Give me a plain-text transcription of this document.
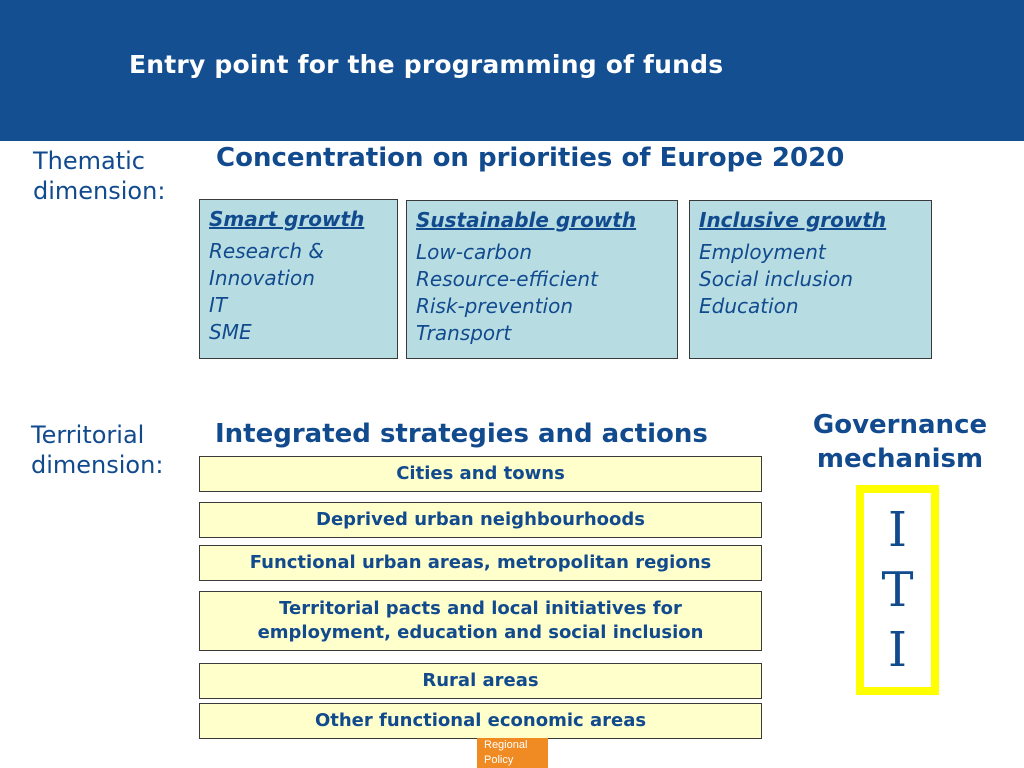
Entry point for the programming of funds
Thematic
dimension:
Concentration on priorities of Europe 2020
Smart growth
Research &
Innovation
IT
SME
Sustainable growth
Low-carbon
Resource-efficient
Risk-prevention
Transport
Inclusive growth
Employment
Social inclusion
Education
Territorial
dimension:
Integrated strategies and actions
Cities and towns
Deprived urban neighbourhoods
Functional urban areas, metropolitan regions
Territorial pacts and local initiatives for
employment, education and social inclusion
Rural areas
Other functional economic areas
Governance
mechanism
I
T
I
Regional
Policy
